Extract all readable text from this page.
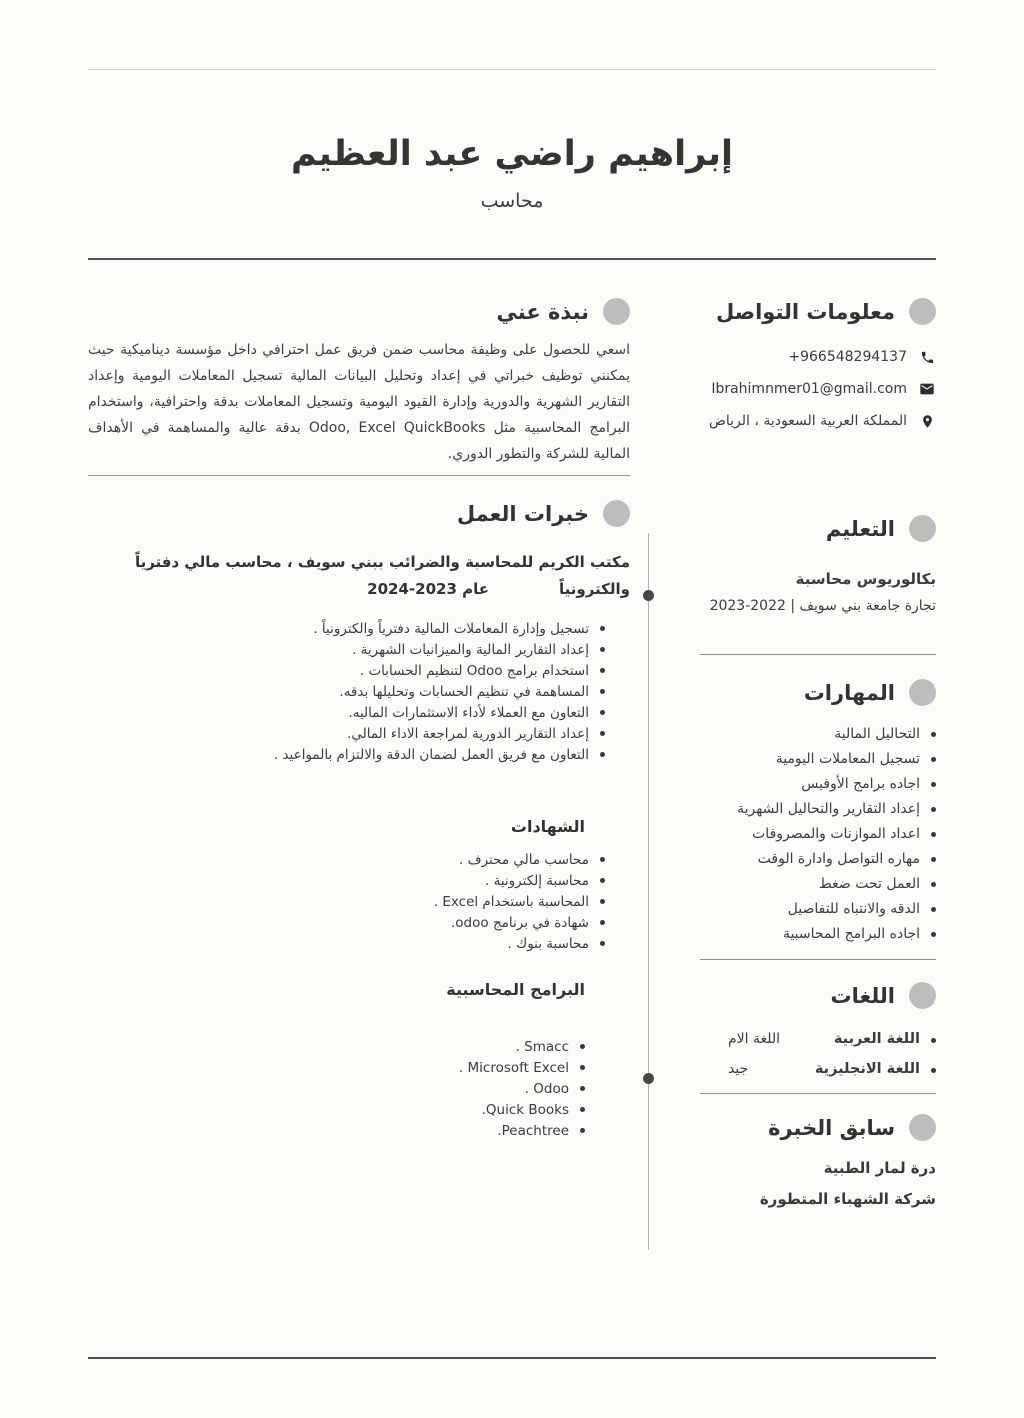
إبراهيم راضي عبد العظيم
محاسب
معلومات التواصل
+966548294137
Ibrahimnmer01@gmail.com
المملكة العربية السعودية ، الرياض
التعليم
بكالوريوس محاسبة
تجارة جامعة بني سويف | 2022-2023
المهارات
التحاليل المالية
تسجيل المعاملات اليومية
اجاده برامج الأوفيس
إعداد التقارير والتحاليل الشهرية
اعداد الموازنات والمصروفات
مهاره التواصل وادارة الوقت
العمل تحت ضغط
الدقه والانتباه للتفاصيل
اجاده البرامج المحاسبية
اللغات
اللغة العربية
اللغة الام
اللغة الانجليزية
جيد
سابق الخبرة
درة لمار الطبية
شركة الشهباء المتطورة
نبذة عني

اسعي للحصول على وظيفة محاسب ضمن فريق عمل احترافي داخل مؤسسة ديناميكية حيث يمكنني توظيف خبراتي في إعداد وتحليل البيانات المالية تسجيل المعاملات اليومية وإعداد التقارير الشهرية والدورية وإدارة القيود اليومية وتسجيل المعاملات بدقة واحترافية، واستخدام البرامج المحاسبية مثل Odoo, Excel QuickBooks بدقة عالية والمساهمة في الأهداف المالية للشركة والتطور الدوري.

خبرات العمل

مكتب الكريم للمحاسبة والضرائب ببني سويف ، محاسب مالي دفترياً والكترونياًعام 2023-2024

تسجيل وإدارة المعاملات المالية دفترياً والكترونياً .
إعداد التقارير المالية والميزانيات الشهرية .
استخدام برامج Odoo لتنظيم الحسابات .
المساهمة في تنظيم الحسابات وتحليلها بدقه.
التعاون مع العملاء لأداء الاستثمارات الماليه.
إعداد التقارير الدورية لمراجعة الاداء المالي.
التعاون مع فريق العمل لضمان الدقة والالتزام بالمواعيد .
الشهادات
محاسب مالي محترف .
محاسبة إلكترونية .
المحاسبة باستخدام Excel .
شهادة في برنامج odoo.
محاسبة بنوك .
البرامج المحاسبية
Smacc .
Microsoft Excel .
Odoo .
Quick Books.
Peachtree.
